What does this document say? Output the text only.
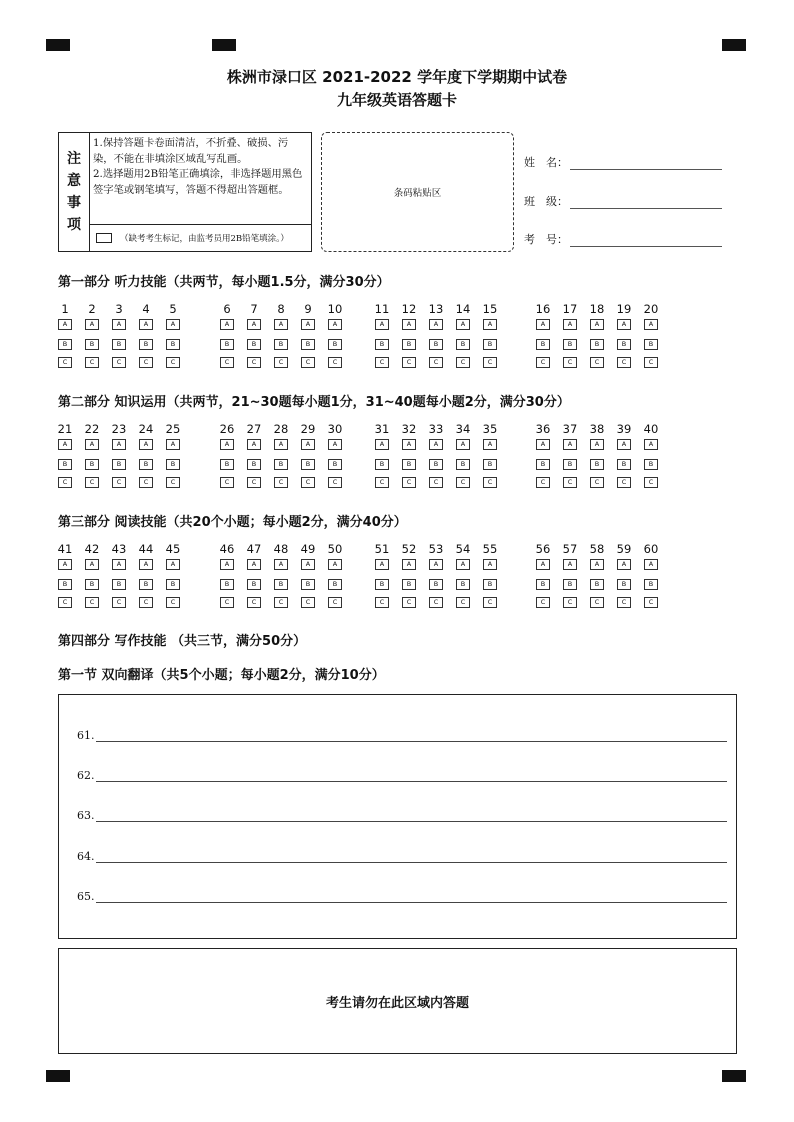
株洲市渌口区 2021-2022 学年度下学期期中试卷
九年级英语答题卡
注
意
事
项
1.保持答题卡卷面清洁，不折叠、破损、污染，不能在非填涂区域乱写乱画。
2.选择题用2B铅笔正确填涂，非选择题用黑色签字笔或钢笔填写，答题不得超出答题框。
（缺考考生标记，由监考员用2B铅笔填涂。）
条码粘贴区
姓　名：
班　级：
考　号：
第一部分 听力技能（共两节，每小题1.5分，满分30分）
1
A
B
C
2
A
B
C
3
A
B
C
4
A
B
C
5
A
B
C
6
A
B
C
7
A
B
C
8
A
B
C
9
A
B
C
10
A
B
C
11
A
B
C
12
A
B
C
13
A
B
C
14
A
B
C
15
A
B
C
16
A
B
C
17
A
B
C
18
A
B
C
19
A
B
C
20
A
B
C
第二部分 知识运用（共两节，21~30题每小题1分，31~40题每小题2分，满分30分）
21
A
B
C
22
A
B
C
23
A
B
C
24
A
B
C
25
A
B
C
26
A
B
C
27
A
B
C
28
A
B
C
29
A
B
C
30
A
B
C
31
A
B
C
32
A
B
C
33
A
B
C
34
A
B
C
35
A
B
C
36
A
B
C
37
A
B
C
38
A
B
C
39
A
B
C
40
A
B
C
第三部分 阅读技能（共20个小题；每小题2分，满分40分）
41
A
B
C
42
A
B
C
43
A
B
C
44
A
B
C
45
A
B
C
46
A
B
C
47
A
B
C
48
A
B
C
49
A
B
C
50
A
B
C
51
A
B
C
52
A
B
C
53
A
B
C
54
A
B
C
55
A
B
C
56
A
B
C
57
A
B
C
58
A
B
C
59
A
B
C
60
A
B
C
第四部分 写作技能 （共三节，满分50分）
第一节 双向翻译（共5个小题；每小题2分，满分10分）
61.
62.
63.
64.
65.
考生请勿在此区域内答题
